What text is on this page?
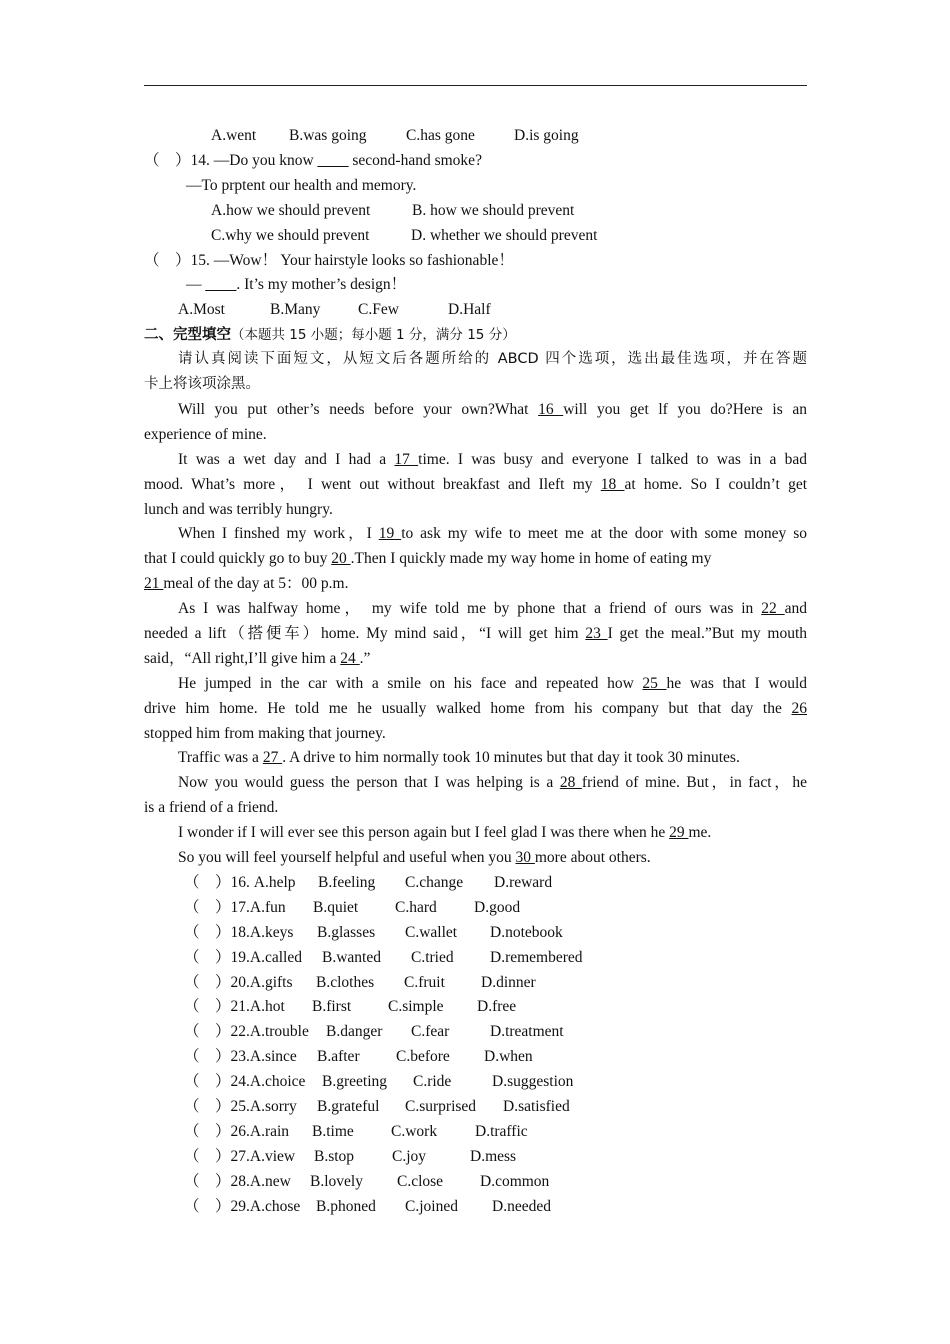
A.went B.was going	C.has gone	D.is going
（　）14. —Do you know ____ second-hand smoke?
—To prptent our health and memory.
A.how we should prevent	B. how we should prevent
C.why we should prevent	D. whether we should prevent
（　）15. —Wow！ Your hairstyle looks so fashionable！
— ____. It’s my mother’s design！
A.Most	B.Many C.Few	D.Half
二、完型填空（本题共 15 小题；每小题 1 分，满分 15 分）
请认真阅读下面短文，从短文后各题所给的 ABCD 四个选项，选出最佳选项，并在答题
卡上将该项涂黑。
Will you put other’s needs before your own?What 16 will you get lf you do?Here is an
experience of mine.
It was a wet day and I had a 17 time. I was busy and everyone I talked to was in a bad
mood. What’s more， I went out without breakfast and Ileft my 18 at home. So I couldn’t get
lunch and was terribly hungry.
When I finshed my work，I 19 to ask my wife to meet me at the door with some money so
that I could quickly go to buy 20 .Then I quickly made my way home in home of eating my
21 meal of the day at 5：00 p.m.
As I was halfway home， my wife told me by phone that a friend of ours was in 22 and
needed a lift（搭便车）home. My mind said，“I will get him 23 I get the meal.”But my mouth
said，“All right,I’ll give him a 24 .”
He jumped in the car with a smile on his face and repeated how 25 he was that I would
drive him home. He told me he usually walked home from his company but that day the 26
stopped him from making that journey.
Traffic was a 27 . A drive to him normally took 10 minutes but that day it took 30 minutes.
Now you would guess the person that I was helping is a 28 friend of mine. But，in fact，he
is a friend of a friend.
I wonder if I will ever see this person again but I feel glad I was there when he 29 me.
So you will feel yourself helpful and useful when you 30 more about others.
（　）16. A.help B.feeling C.change D.reward
（　）17.A.fun B.quiet C.hard D.good
（　）18.A.keys B.glasses C.wallet D.notebook
（　）19.A.called B.wanted C.tried D.remembered
（　）20.A.gifts B.clothes C.fruit D.dinner
（　）21.A.hot B.first C.simple D.free
（　）22.A.trouble B.danger C.fear	D.treatment
（　）23.A.since B.after C.before D.when
（　）24.A.choice B.greeting C.ride	D.suggestion
（　）25.A.sorry B.grateful C.surprised D.satisfied
（　）26.A.rain B.time C.work D.traffic
（　）27.A.view B.stop C.joy	D.mess
（　）28.A.new B.lovely C.close D.common
（　）29.A.chose B.phoned C.joined D.needed
